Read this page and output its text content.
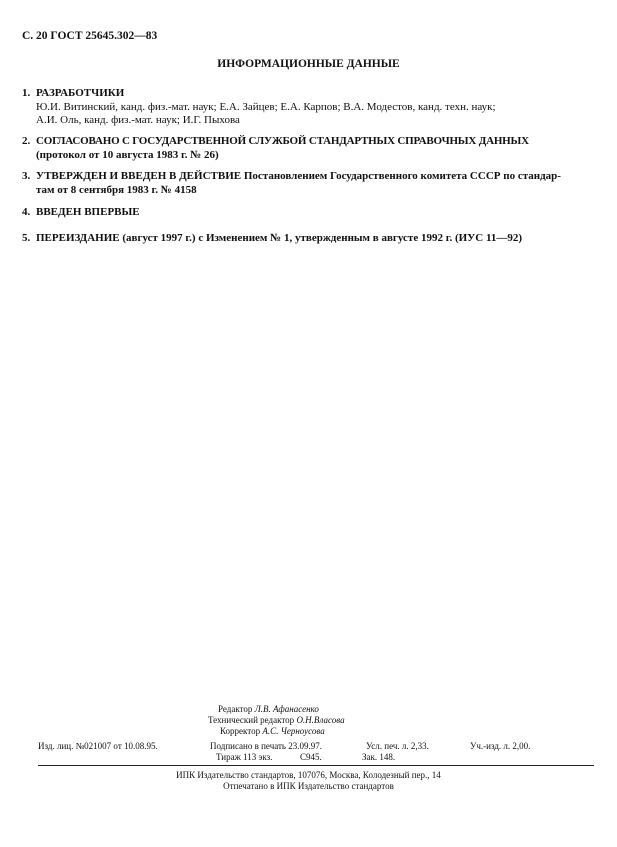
С. 20 ГОСТ 25645.302—83
ИНФОРМАЦИОННЫЕ ДАННЫЕ
1. РАЗРАБОТЧИКИ
Ю.И. Витинский, канд. физ.-мат. наук; Е.А. Зайцев; Е.А. Карпов; В.А. Модестов, канд. техн. наук;
А.И. Оль, канд. физ.-мат. наук; И.Г. Пыхова
2. СОГЛАСОВАНО С ГОСУДАРСТВЕННОЙ СЛУЖБОЙ СТАНДАРТНЫХ СПРАВОЧНЫХ ДАННЫХ
(протокол от 10 августа 1983 г. № 26)
3. УТВЕРЖДЕН И ВВЕДЕН В ДЕЙСТВИЕ Постановлением Государственного комитета СССР по стандар-
там от 8 сентября 1983 г. № 4158
4. ВВЕДЕН ВПЕРВЫЕ
5. ПЕРЕИЗДАНИЕ (август 1997 г.) с Изменением № 1, утвержденным в августе 1992 г. (ИУС 11—92)
Редактор Л.В. Афанасенко
Технический редактор О.Н.Власова
Корректор А.С. Черноусова
Изд. лиц. №021007 от 10.08.95.	Подписано в печать 23.09.97.	Усл. печ. л. 2,33.	Уч.-изд. л. 2,00.
Тираж 113 экз.	С945.	Зак. 148.
ИПК Издательство стандартов, 107076, Москва, Колодезный пер., 14
Отпечатано в ИПК Издательство стандартов
